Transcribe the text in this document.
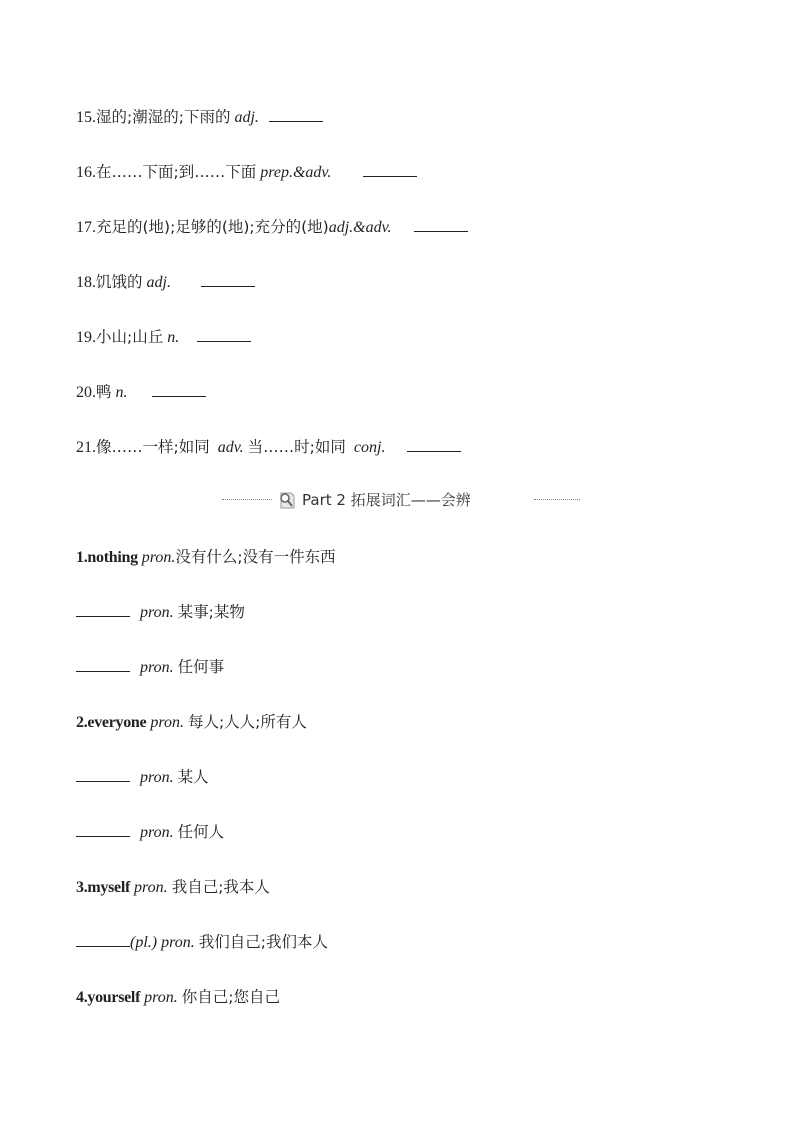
15.湿的;潮湿的;下雨的 adj.
16.在……下面;到……下面 prep.&adv.
17.充足的(地);足够的(地);充分的(地)adj.&adv.
18.饥饿的 adj.
19.小山;山丘 n.
20.鸭 n.
21.像……一样;如同 adv. 当……时;如同 conj.
Part 2 拓展词汇——会辨
1.nothing pron.没有什么;没有一件东西
pron. 某事;某物
pron. 任何事
2.everyone pron. 每人;人人;所有人
pron. 某人
pron. 任何人
3.myself pron. 我自己;我本人
(pl.) pron. 我们自己;我们本人
4.yourself pron. 你自己;您自己
